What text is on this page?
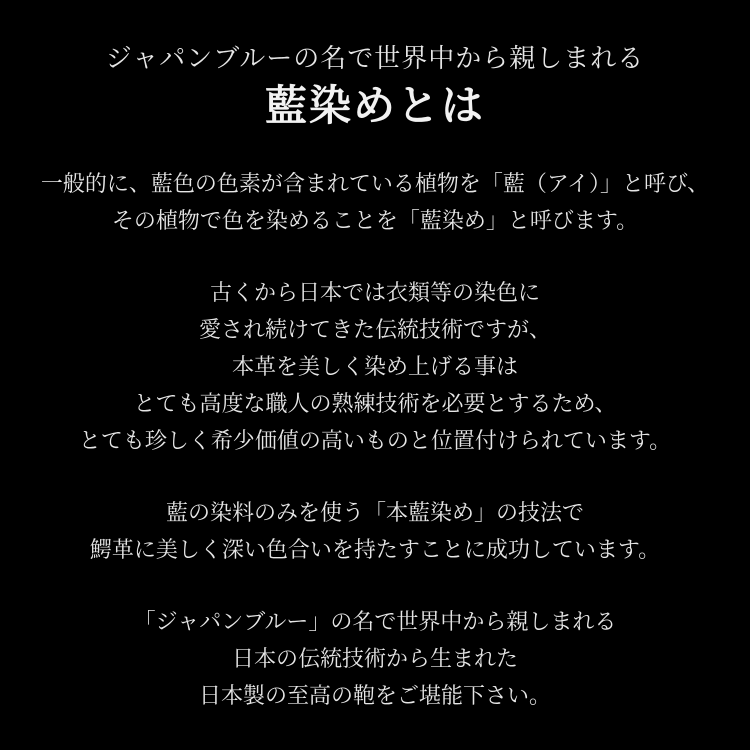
ジャパンブルーの名で世界中から親しまれる
藍染めとは

一般的に、藍色の色素が含まれている植物を「藍（アイ）」と呼び、
その植物で色を染めることを「藍染め」と呼びます。

古くから日本では衣類等の染色に
愛され続けてきた伝統技術ですが、
本革を美しく染め上げる事は
とても高度な職人の熟練技術を必要とするため、
とても珍しく希少価値の高いものと位置付けられています。

藍の染料のみを使う「本藍染め」の技法で
鰐革に美しく深い色合いを持たすことに成功しています。

「ジャパンブルー」の名で世界中から親しまれる
日本の伝統技術から生まれた
日本製の至高の鞄をご堪能下さい。
